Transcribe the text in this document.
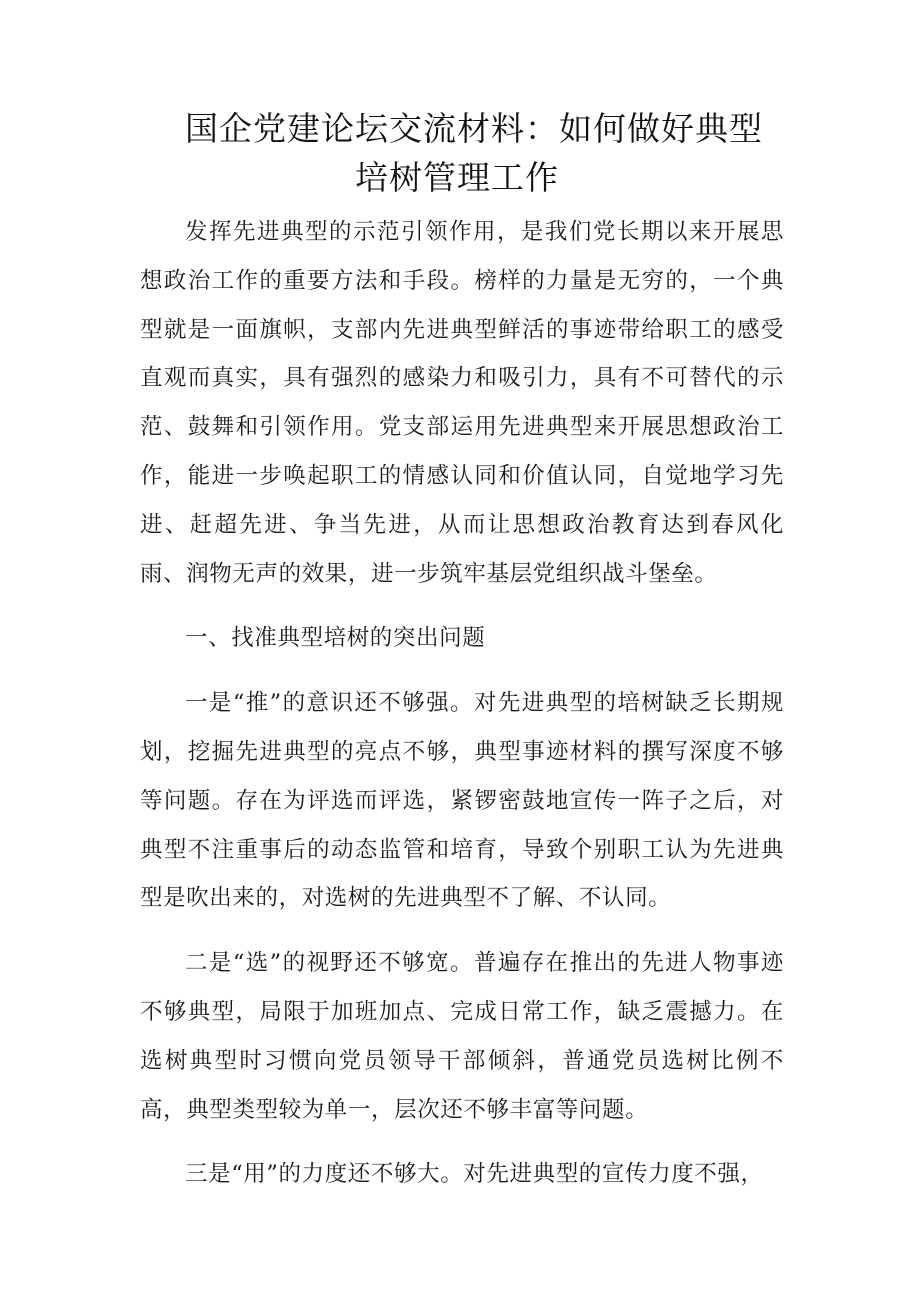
国企党建论坛交流材料：如何做好典型

培树管理工作

发挥先进典型的示范引领作用，是我们党长期以来开展思想政治工作的重要方法和手段。榜样的力量是无穷的，一个典型就是一面旗帜，支部内先进典型鲜活的事迹带给职工的感受直观而真实，具有强烈的感染力和吸引力，具有不可替代的示范、鼓舞和引领作用。党支部运用先进典型来开展思想政治工作，能进一步唤起职工的情感认同和价值认同，自觉地学习先进、赶超先进、争当先进，从而让思想政治教育达到春风化雨、润物无声的效果，进一步筑牢基层党组织战斗堡垒。

一、找准典型培树的突出问题

一是“推”的意识还不够强。对先进典型的培树缺乏长期规划，挖掘先进典型的亮点不够，典型事迹材料的撰写深度不够等问题。存在为评选而评选，紧锣密鼓地宣传一阵子之后，对典型不注重事后的动态监管和培育，导致个别职工认为先进典型是吹出来的，对选树的先进典型不了解、不认同。

二是“选”的视野还不够宽。普遍存在推出的先进人物事迹不够典型，局限于加班加点、完成日常工作，缺乏震撼力。在选树典型时习惯向党员领导干部倾斜，普通党员选树比例不高，典型类型较为单一，层次还不够丰富等问题。

三是“用”的力度还不够大。对先进典型的宣传力度不强，
